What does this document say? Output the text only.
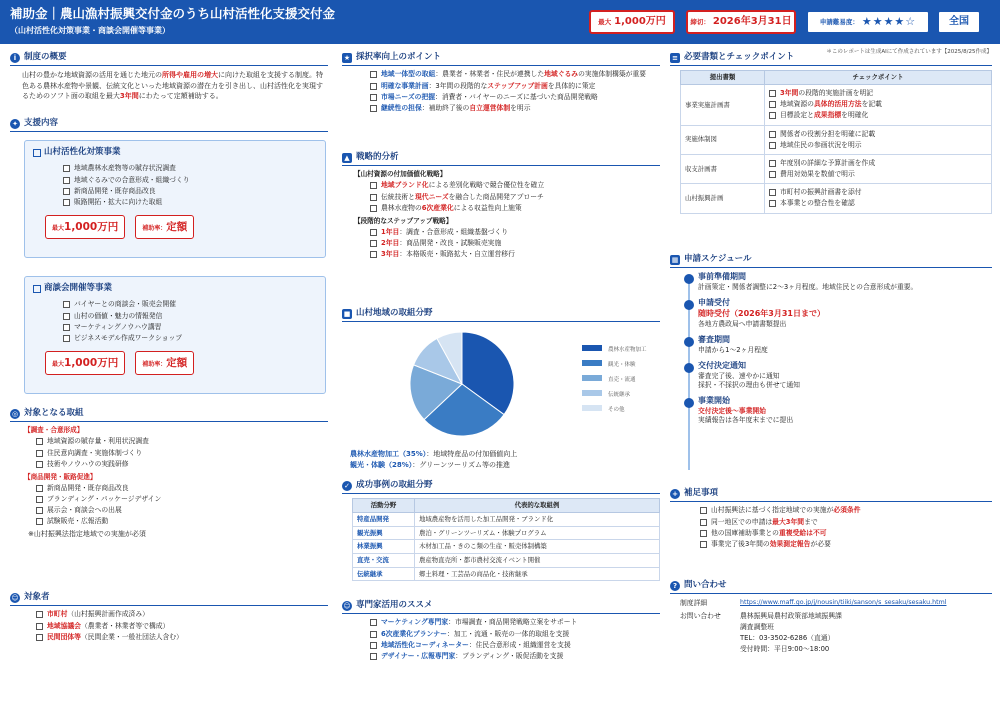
補助金｜農山漁村振興交付金のうち山村活性化支援交付金
（山村活性化対策事業・商談会開催等事業）
最大 1,000万円	締切： 2026年3月31日	申請難易度： ★★★★☆	全国
＊このレポートは生成AIにて作成されています【2025/8/25作成】
i 制度の概要
山村の豊かな地域資源の活用を通じた地元の所得や雇用の増大に向けた取組を支援する制度。特色ある農林水産物や景観、伝統文化といった地域資源の潜在力を引き出し、山村活性化を実現するためのソフト面の取組を最大3年間にわたって定額補助する。
✦ 支援内容
山村活性化対策事業
地域農林水産物等の賦存状況調査
地域ぐるみでの合意形成・組織づくり
新商品開発・既存商品改良
販路開拓・拡大に向けた取組
最大1,000万円	補助率：定額
商談会開催等事業
バイヤーとの商談会・販売会開催
山村の価値・魅力の情報発信
マーケティングノウハウ講習
ビジネスモデル作成ワークショップ
最大1,000万円	補助率：定額
◎ 対象となる取組
【調査・合意形成】
地域資源の賦存量・利用状況調査
住民意向調査・実施体制づくり
技術やノウハウの実践研修
【商品開発・販路促進】
新商品開発・既存商品改良
ブランディング・パッケージデザイン
展示会・商談会への出展
試験販売・広報活動
※山村振興法指定地域での実施が必須
☺ 対象者
市町村（山村振興計画作成済み）
地域協議会（農業者・林業者等で構成）
民間団体等（民間企業・一般社団法人含む）
★ 採択率向上のポイント
地域一体型の取組：農業者・林業者・住民が連携した地域ぐるみの実施体制構築が重要
明確な事業計画：3年間の段階的なステップアップ計画を具体的に策定
市場ニーズの把握：消費者・バイヤーのニーズに基づいた商品開発戦略
継続性の担保：補助終了後の自立運営体制を明示
▲ 戦略的分析
【山村資源の付加価値化戦略】
地域ブランド化による差別化戦略で競合優位性を確立
伝統技術と現代ニーズを融合した商品開発アプローチ
農林水産物の6次産業化による収益性向上施策
【段階的なステップアップ戦略】
1年目：調査・合意形成・組織基盤づくり
2年目：商品開発・改良・試験販売実施
3年目：本格販売・販路拡大・自立運営移行
■ 山村地域の取組分野
農林水産物加工
観光・体験
直売・流通
伝統継承
その他
農林水産物加工（35%）：地域特産品の付加価値向上
観光・体験（28%）：グリーンツーリズム等の推進
✓ 成功事例の取組分野
活動分野	代表的な取組例
特産品開発	地域農産物を活用した加工品開発・ブランド化
観光振興	農泊・グリーンツーリズム・体験プログラム
林業振興	木材加工品・きのこ類の生産・販売体制構築
直売・交流	農産物直売所・都市農村交流イベント開催
伝統継承	郷土料理・工芸品の商品化・技術継承
☺ 専門家活用のススメ
マーケティング専門家：市場調査・商品開発戦略立案をサポート
6次産業化プランナー：加工・流通・販売の一体的取組を支援
地域活性化コーディネーター：住民合意形成・組織運営を支援
デザイナー・広報専門家：ブランディング・販促活動を支援
≡ 必要書類とチェックポイント
提出書類	チェックポイント
事業実施計画書	3年間の段階的実施計画を明記
地域資源の具体的活用方法を記載
目標設定と成果指標を明確化

実施体制図	関係者の役割分担を明確に記載
地域住民の参画状況を明示

収支計画書	年度別の詳細な予算計画を作成
費用対効果を数値で明示

山村振興計画	市町村の振興計画書を添付
本事業との整合性を確認
▦ 申請スケジュール
事前準備期間
計画策定・関係者調整に2〜3ヶ月程度。地域住民との合意形成が重要。
申請受付
随時受付（2026年3月31日まで）
各地方農政局へ申請書類提出
審査期間
申請から1〜2ヶ月程度
交付決定通知
審査完了後、速やかに通知
採択・不採択の理由も併せて通知
事業開始
交付決定後〜事業開始
実績報告は各年度末までに提出
+ 補足事項
山村振興法に基づく指定地域での実施が必須条件
同一地区での申請は最大3年間まで
他の国庫補助事業との重複受給は不可
事業完了後3年間の効果測定報告が必要
? 問い合わせ
制度詳細	https://www.maff.go.jp/j/nousin/tiiki/sanson/s_sesaku/sesaku.html
お問い合わせ	農林振興局農村政策部地域振興課
調査調整班
TEL：03-3502-6286（直通）
受付時間：平日9:00〜18:00
